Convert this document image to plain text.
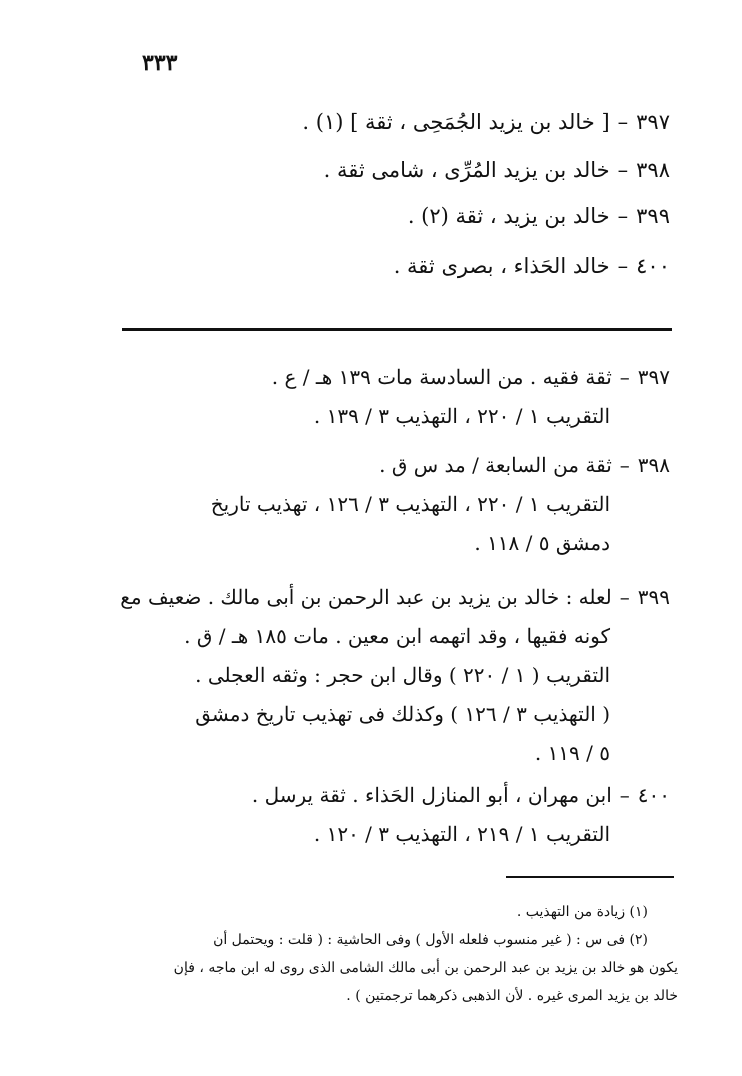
٣٣٣
٣٩٧–[ خالد بن يزيد الجُمَحِى ، ثقة ] (١) .
٣٩٨–خالد بن يزيد المُرِّى ، شامى ثقة .
٣٩٩–خالد بن يزيد ، ثقة (٢) .
٤٠٠–خالد الحَذاء ، بصرى ثقة .
٣٩٧–ثقة فقيه . من السادسة مات ١٣٩ هـ / ع .
التقريب ١ / ٢٢٠ ، التهذيب ٣ / ١٣٩ .
٣٩٨–ثقة من السابعة / مد س ق .
التقريب ١ / ٢٢٠ ، التهذيب ٣ / ١٢٦ ، تهذيب تاريخ
دمشق ٥ / ١١٨ .
٣٩٩–لعله : خالد بن يزيد بن عبد الرحمن بن أبى مالك . ضعيف مع
كونه فقيها ، وقد اتهمه ابن معين . مات ١٨٥ هـ / ق .
التقريب ( ١ / ٢٢٠ ) وقال ابن حجر : وثقه العجلى .
( التهذيب ٣ / ١٢٦ ) وكذلك فى تهذيب تاريخ دمشق
٥ / ١١٩ .
٤٠٠–ابن مهران ، أبو المنازل الحَذاء . ثقة يرسل .
التقريب ١ / ٢١٩ ، التهذيب ٣ / ١٢٠ .
(١) زيادة من التهذيب .
(٢) فى س : ( غير منسوب فلعله الأول ) وفى الحاشية : ( قلت : ويحتمل أن
يكون هو خالد بن يزيد بن عبد الرحمن بن أبى مالك الشامى الذى روى له ابن ماجه ، فإن
خالد بن يزيد المرى غيره . لأن الذهبى ذكرهما ترجمتين ) .
